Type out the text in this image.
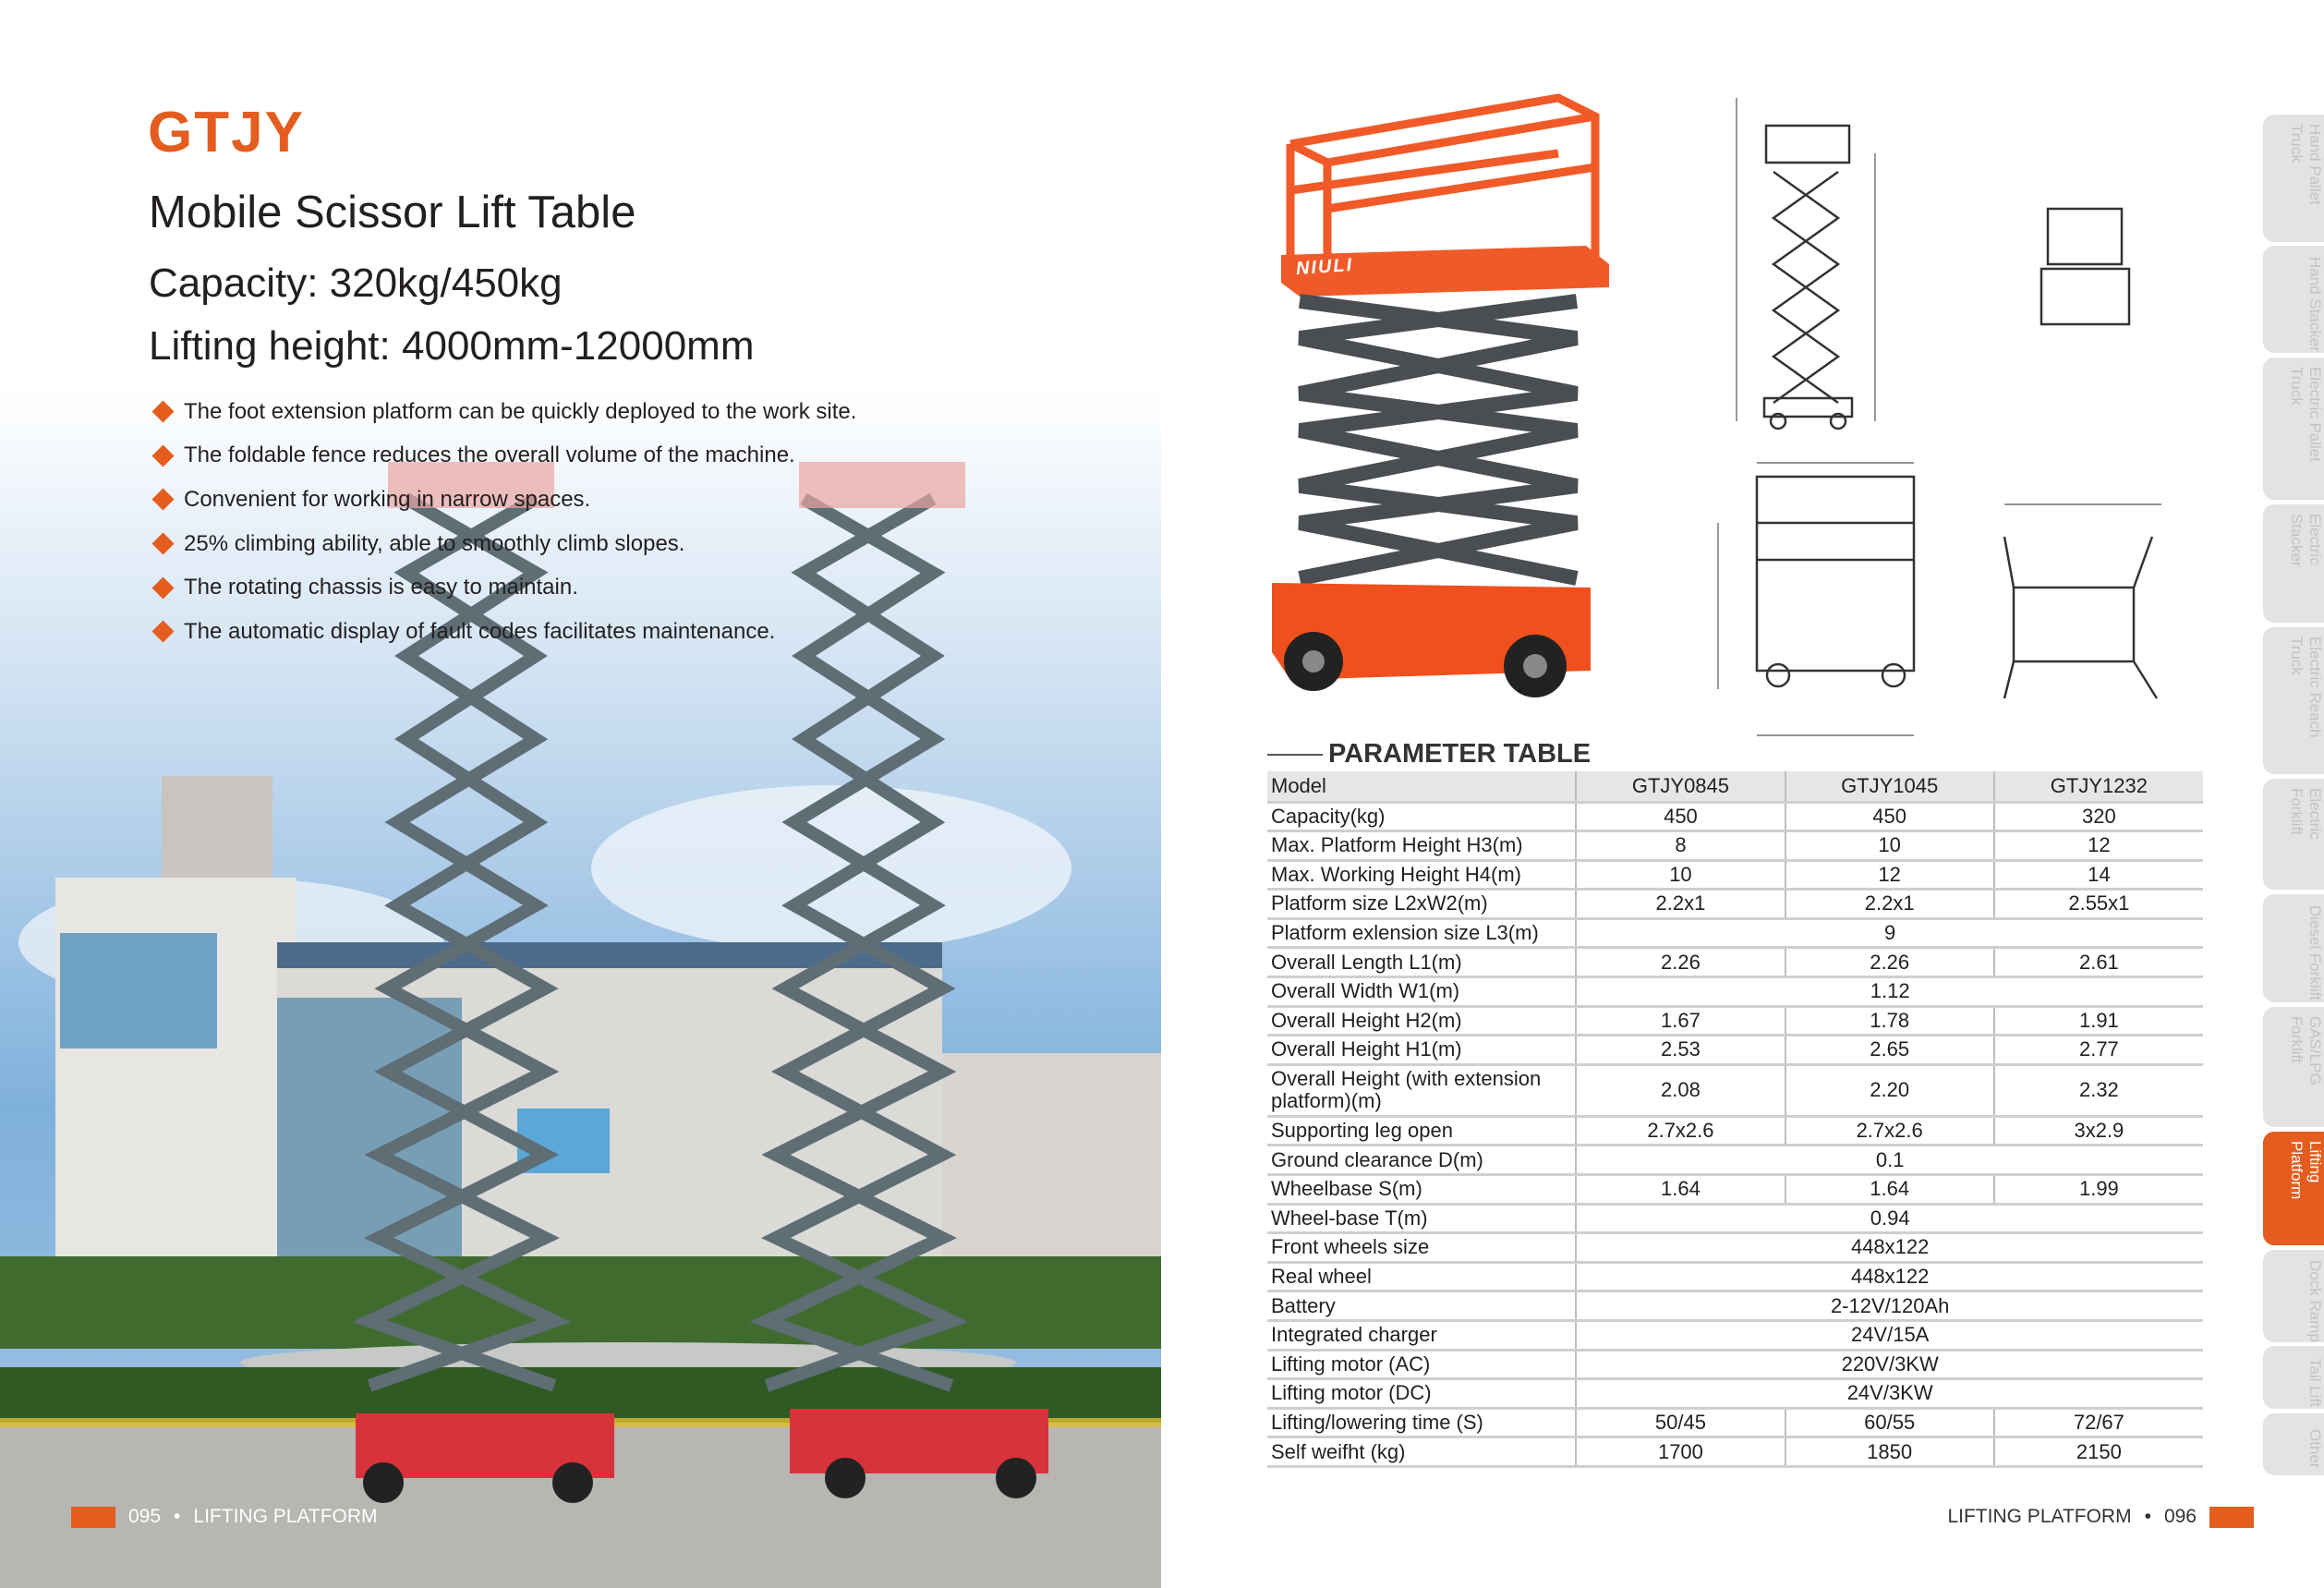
GTJY
Mobile Scissor Lift Table
Capacity: 320kg/450kg
Lifting height: 4000mm-12000mm
The foot extension platform can be quickly deployed to the work site.
The foldable fence reduces the overall volume of the machine.
Convenient for working in narrow spaces.
25% climbing ability, able to smoothly climb slopes.
The rotating chassis is easy to maintain.
The automatic display of fault codes facilitates maintenance.
095 • LIFTING PLATFORM	LIFTING PLATFORM • 096
NIULI
PARAMETER TABLE
Model	GTJY0845	GTJY1045	GTJY1232
Capacity(kg)	450	450	320
Max. Platform Height H3(m)	8	10	12
Max. Working Height H4(m)	10	12	14
Platform size L2xW2(m)	2.2x1	2.2x1	2.55x1
Platform exlension size L3(m)	9		
Overall Length L1(m)	2.26	2.26	2.61
Overall Width W1(m)	1.12		
Overall Height H2(m)	1.67	1.78	1.91
Overall Height H1(m)	2.53	2.65	2.77
Overall Height (with extension platform)(m)	2.08	2.20	2.32
Supporting leg open	2.7x2.6	2.7x2.6	3x2.9
Ground clearance D(m)	0.1		
Wheelbase S(m)	1.64	1.64	1.99
Wheel-base T(m)	0.94		
Front wheels size	448x122		
Real wheel	448x122		
Battery	2-12V/120Ah		
Integrated charger	24V/15A		
Lifting motor (AC)	220V/3KW		
Lifting motor (DC)	24V/3KW		
Lifting/lowering time (S)	50/45	60/55	72/67
Self weifht (kg)	1700	1850	2150
Hand Pallet Truck
Hand Stacker
Electric Pallet Truck
Electric Stacker
Electric Reach Truck
Electric Forklift
Diesel Forklift
GAS/LPG Forklift
Lifting Platform
Dock Ramp
Tail Lift
Other
